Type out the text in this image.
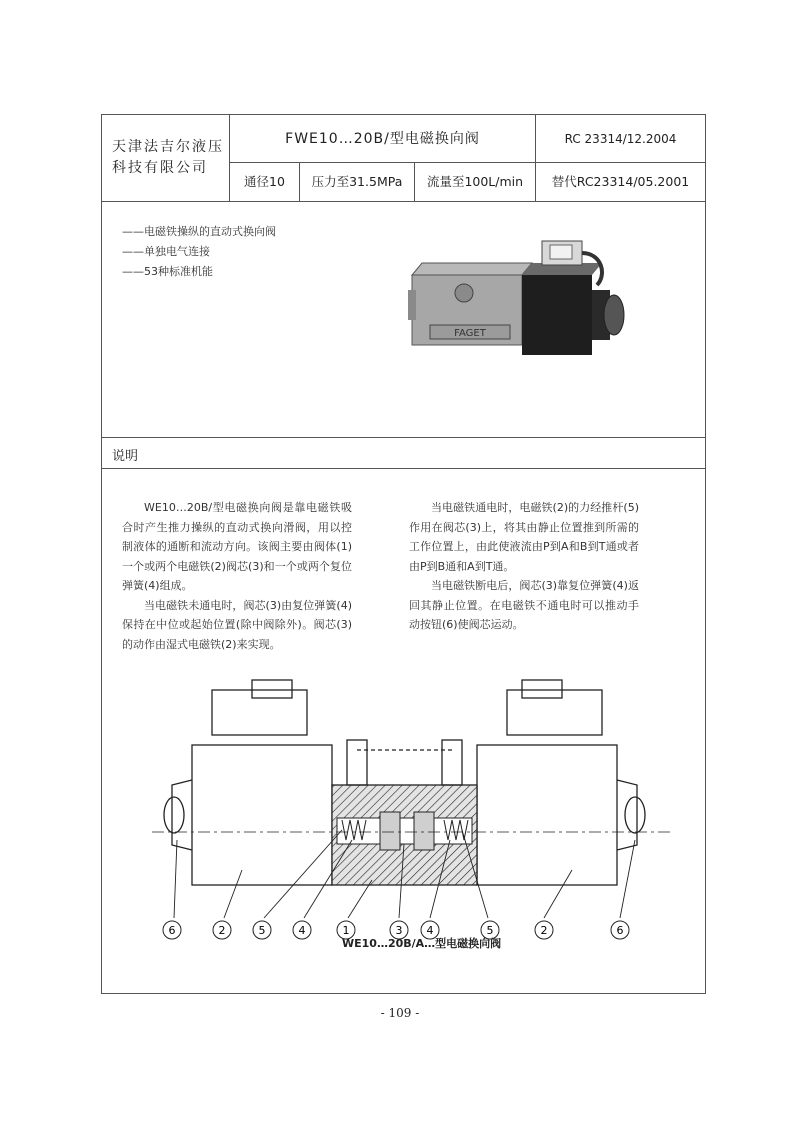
天津法吉尔液压
科技有限公司
FWE10…20B/型电磁换向阀	RC 23314/12.2004
通径10	压力至31.5MPa	流量至100L/min	替代RC23314/05.2001
——电磁铁操纵的直动式换向阀
——单独电气连接
——53种标准机能
FAGET
说明

WE10…20B/型电磁换向阀是靠电磁铁吸合时产生推力操纵的直动式换向滑阀，用以控制液体的通断和流动方向。该阀主要由阀体(1)一个或两个电磁铁(2)阀芯(3)和一个或两个复位弹簧(4)组成。

当电磁铁未通电时，阀芯(3)由复位弹簧(4)保持在中位或起始位置(除中阀除外)。阀芯(3)的动作由湿式电磁铁(2)来实现。

当电磁铁通电时，电磁铁(2)的力经推杆(5)作用在阀芯(3)上，将其由静止位置推到所需的工作位置上，由此使液流由P到A和B到T通或者由P到B通和A到T通。

当电磁铁断电后，阀芯(3)靠复位弹簧(4)返回其静止位置。在电磁铁不通电时可以推动手动按钮(6)使阀芯运动。

6	2	5	4	1	3 4	5	2	6
WE10…20B/A…型电磁换向阀
- 109 -
